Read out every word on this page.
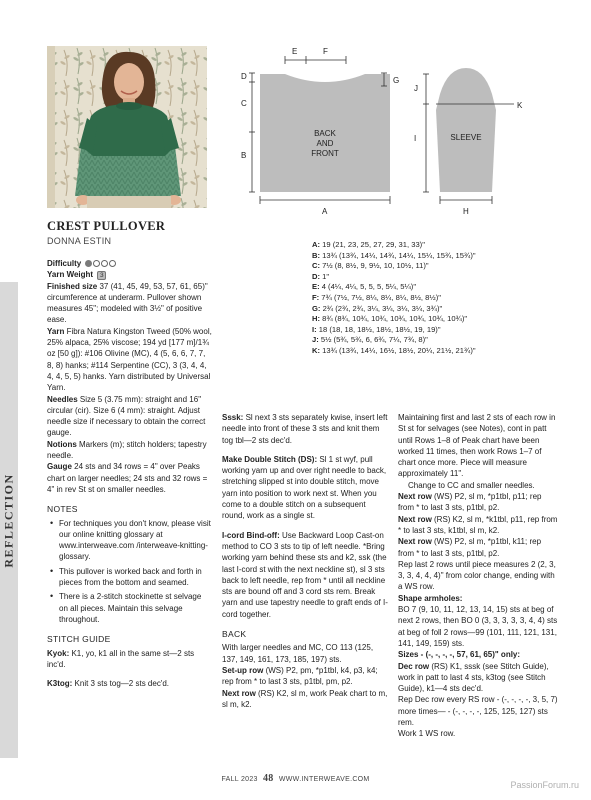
REFLECTION
D
C
B
E	F
G
A
BACK
AND
FRONT
SLEEVE
J
I
K
H
CREST PULLOVER
DONNA ESTIN	A: 19 (21, 23, 25, 27, 29, 31, 33)"
B: 13¾ (13¾, 14¼, 14¾, 14¼, 15¼, 15¾, 15¾)"
C: 7½ (8, 8½, 9, 9½, 10, 10½, 11)"
D: 1"
E: 4 (4¼, 4¼, 5, 5, 5, 5¼, 5¼)"
F: 7¾ (7½, 7½, 8¼, 8¼, 8¼, 8½, 8½)"
G: 2¾ (2¾, 2¾, 3¼, 3¼, 3¼, 3¼, 3¾)"
H: 8¾ (8¾, 10¾, 10¾, 10¾, 10¾, 10¾, 10¾)"
I: 18 (18, 18, 18½, 18½, 18½, 19, 19)"
J: 5½ (5¾, 5¾, 6, 6¾, 7¼, 7¾, 8)"
K: 13¾ (13¾, 14¼, 16½, 18½, 20¼, 21½, 21¾)"
Difficulty
Yarn Weight 3
Finished size 37 (41, 45, 49, 53, 57, 61, 65)" circumference at underarm. Pullover shown measures 45"; modeled with 3½" of positive ease.
Yarn Fibra Natura Kingston Tweed (50% wool, 25% alpaca, 25% viscose; 194 yd [177 m]/1¾ oz [50 g]): #106 Olivine (MC), 4 (5, 6, 6, 7, 7, 8, 8) hanks; #114 Serpentine (CC), 3 (3, 4, 4, 4, 4, 5, 5) hanks. Yarn distributed by Universal Yarn.
Needles Size 5 (3.75 mm): straight and 16" circular (cir). Size 6 (4 mm): straight. Adjust needle size if necessary to obtain the correct gauge.
Notions Markers (m); stitch holders; tapestry needle.
Gauge 24 sts and 34 rows = 4" over Peaks chart on larger needles; 24 sts and 32 rows = 4" in rev St st on smaller needles.
NOTES
• For techniques you don't know, please visit our online knitting glossary at www.interweave.com /interweave-knitting-glossary.
• This pullover is worked back and forth in pieces from the bottom and seamed.
• There is a 2-stitch stockinette st selvage on all pieces. Maintain this selvage throughout.
STITCH GUIDE
Kyok: K1, yo, k1 all in the same st—2 sts inc'd.
K3tog: Knit 3 sts tog—2 sts dec'd.
Sssk: Sl next 3 sts separately kwise, insert left needle into front of these 3 sts and knit them tog tbl—2 sts dec'd.
Make Double Stitch (DS): Sl 1 st wyf, pull working yarn up and over right needle to back, stretching slipped st into double stitch, move yarn into position to work next st. When you come to a double stitch on a subsequent round, work as a single st.
I-cord Bind-off: Use Backward Loop Cast-on method to CO 3 sts to tip of left needle. *Bring working yarn behind these sts and k2, ssk (the last I-cord st with the next neckline st), sl 3 sts back to left needle, rep from * until all neckline sts are bound off and 3 cord sts rem. Break yarn and use tapestry needle to graft ends of I-cord together.
BACK
With larger needles and MC, CO 113 (125, 137, 149, 161, 173, 185, 197) sts.
Set-up row (WS) P2, pm, *p1tbl, k4, p3, k4; rep from * to last 3 sts, p1tbl, pm, p2.
Next row (RS) K2, sl m, work Peak chart to m, sl m, k2.
Maintaining first and last 2 sts of each row in St st for selvages (see Notes), cont in patt until Rows 1–8 of Peak chart have been worked 11 times, then work Rows 1–7 of chart once more. Piece will measure approximately 11".
Change to CC and smaller needles.
Next row (WS) P2, sl m, *p1tbl, p11; rep from * to last 3 sts, p1tbl, p2.
Next row (RS) K2, sl m, *k1tbl, p11, rep from * to last 3 sts, k1tbl, sl m, k2.
Next row (WS) P2, sl m, *p1tbl, k11; rep from * to last 3 sts, p1tbl, p2.
Rep last 2 rows until piece measures 2 (2, 3, 3, 3, 4, 4, 4)" from color change, ending with a WS row.
Shape armholes:
BO 7 (9, 10, 11, 12, 13, 14, 15) sts at beg of next 2 rows, then BO 0 (3, 3, 3, 3, 3, 4, 4) sts at beg of foll 2 rows—99 (101, 111, 121, 131, 141, 149, 159) sts.
Sizes - (-, -, -, -, 57, 61, 65)" only:
Dec row (RS) K1, sssk (see Stitch Guide), work in patt to last 4 sts, k3tog (see Stitch Guide), k1—4 sts dec'd.
Rep Dec row every RS row - (-, -, -, -, 3, 5, 7) more times— - (-, -, -, -, 125, 125, 127) sts rem.
Work 1 WS row.
FALL 2023 48 WWW.INTERWEAVE.COM
PassionForum.ru
